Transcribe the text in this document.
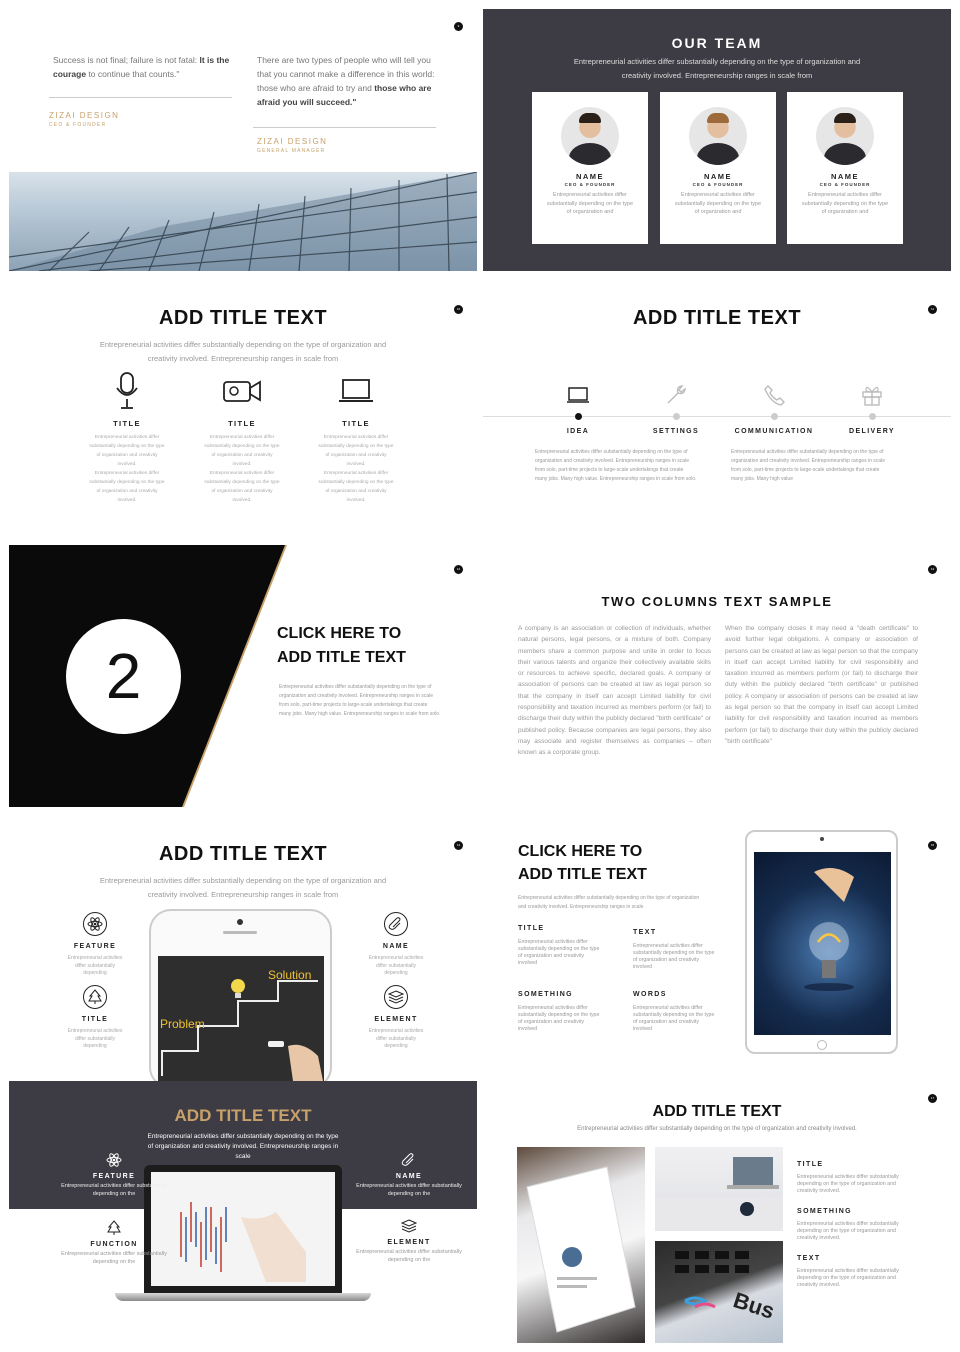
9
Success is not final; failure is not fatal: It is the courage to continue that counts."
ZIZAI DESIGN
CEO & FOUNDER
There are two types of people who will tell you that you cannot make a difference in this world: those who are afraid to try and those who are afraid you will succeed."
ZIZAI DESIGN
GENERAL MANAGER
OUR TEAM
Entrepreneurial activities differ substantially depending on the type of organization and creativity involved. Entrepreneurship ranges in scale from
NAME
CEO & FOUNDER
Entrepreneurial activities differ substantially depending on the type of organization and
NAME
CEO & FOUNDER
Entrepreneurial activities differ substantially depending on the type of organization and
NAME
CEO & FOUNDER
Entrepreneurial activities differ substantially depending on the type of organization and
10
ADD TITLE TEXT
Entrepreneurial activities differ substantially depending on the type of organization and creativity involved. Entrepreneurship ranges in scale from
TITLE
Entrepreneurial activities differ substantially depending on the type of organization and creativity involved.
Entrepreneurial activities differ substantially depending on the type of organization and creativity involved.
TITLE
Entrepreneurial activities differ substantially depending on the type of organization and creativity involved.
Entrepreneurial activities differ substantially depending on the type of organization and creativity involved.
TITLE
Entrepreneurial activities differ substantially depending on the type of organization and creativity involved.
Entrepreneurial activities differ substantially depending on the type of organization and creativity involved.
11
ADD TITLE TEXT
IDEA	SETTINGS	COMMUNICATION	DELIVERY
Entrepreneurial activities differ substantially depending on the type of organization and creativity involved. Entrepreneurship ranges in scale from solo, part-time projects to large-scale undertakings that create many jobs. Many high value. Entrepreneurship ranges in scale from solo.
Entrepreneurial activities differ substantially depending on the type of organization and creativity involved. Entrepreneurship ranges in scale from solo, part-time projects to large-scale undertakings that create many jobs. Many high value
12
2
CLICK HERE TO
ADD TITLE TEXT
Entrepreneurial activities differ substantially depending on the type of organization and creativity involved. Entrepreneurship ranges in scale from solo, part-time projects to large-scale undertakings that create many jobs. Many high value. Entrepreneurship ranges in scale from solo.
13
TWO COLUMNS TEXT SAMPLE
A company is an association or collection of individuals, whether natural persons, legal persons, or a mixture of both. Company members share a common purpose and unite in order to focus their various talents and organize their collectively available skills or resources to achieve specific, declared goals. A company or association of persons can be created at law as legal person so that the company in itself can accept Limited liability for civil responsibility and taxation incurred as members perform (or fail) to discharge their duty within the publicly declared "birth certificate" or published policy. Because companies are legal persons, they also may associate and register themselves as companies – often known as a corporate group.
When the company closes it may need a "death certificate" to avoid further legal obligations. A company or association of persons can be created at law as legal person so that the company in itself can accept Limited liability for civil responsibility and taxation incurred as members perform (or fail) to discharge their duty within the publicly declared "birth certificate" or published policy. A company or association of persons can be created at law as legal person so that the company in itself can accept Limited liability for civil responsibility and taxation incurred as members perform (or fail) to discharge their duty within the publicly declared "birth certificate"
14
ADD TITLE TEXT
Entrepreneurial activities differ substantially depending on the type of organization and creativity involved. Entrepreneurship ranges in scale from
Solution
Problem
FEATURE
Entrepreneurial activities differ substantially depending
TITLE
Entrepreneurial activities differ substantially depending
NAME
Entrepreneurial activities differ substantially depending
ELEMENT
Entrepreneurial activities differ substantially depending
15
CLICK HERE TO
ADD TITLE TEXT
Entrepreneurial activities differ substantially depending on the type of organization and creativity involved. Entrepreneurship ranges in scale
TITLE
Entrepreneurial activities differ substantially depending on the type of organization and creativity involved
TEXT
Entrepreneurial activities differ substantially depending on the type of organization and creativity involved
SOMETHING
Entrepreneurial activities differ substantially depending on the type of organization and creativity involved
WORDS
Entrepreneurial activities differ substantially depending on the type of organization and creativity involved
ADD TITLE TEXT
Entrepreneurial activities differ substantially depending on the type of organization and creativity involved. Entrepreneurship ranges in scale
FEATURE
Entrepreneurial activities differ substantially depending on the
FUNCTION
Entrepreneurial activities differ substantially depending on the
NAME
Entrepreneurial activities differ substantially depending on the
ELEMENT
Entrepreneurial activities differ substantially depending on the
17
ADD TITLE TEXT
Entrepreneurial activities differ substantially depending on the type of organization and creativity involved.
Bus
TITLE
Entrepreneurial activities differ substantially depending on the type of organization and creativity involved.
SOMETHING
Entrepreneurial activities differ substantially depending on the type of organization and creativity involved.
TEXT
Entrepreneurial activities differ substantially depending on the type of organization and creativity involved.
